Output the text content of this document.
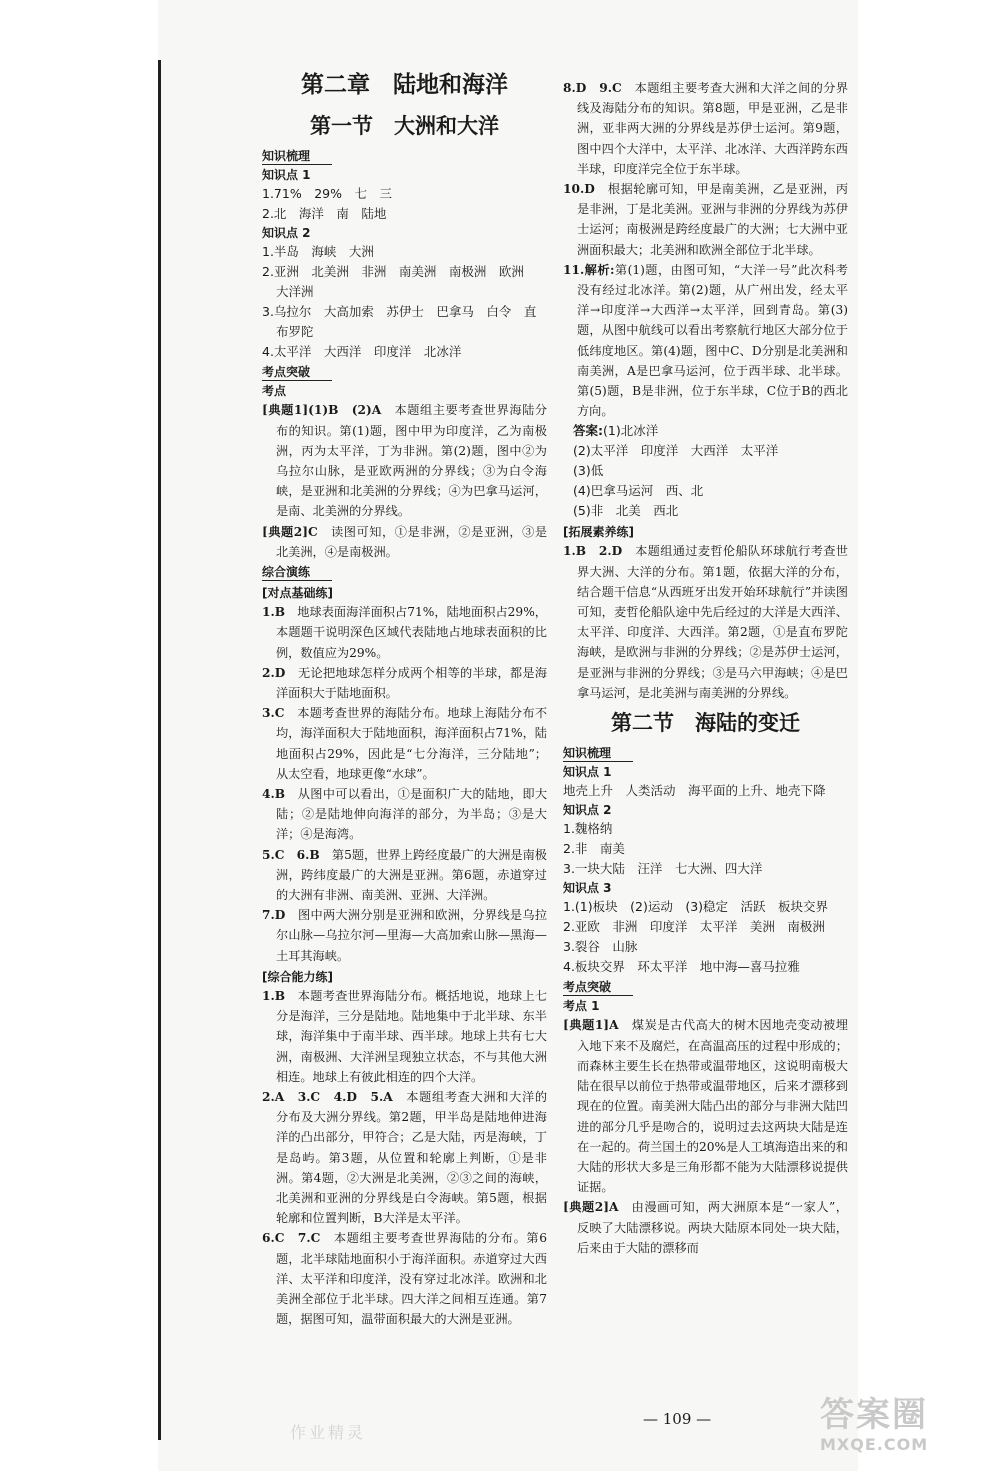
第二章　陆地和海洋
第一节　大洲和大洋
知识梳理
知识点 1
1.71%　29%　七　三
2.北　海洋　南　陆地
知识点 2
1.半岛　海峡　大洲
2.亚洲　北美洲　非洲　南美洲　南极洲　欧洲　大洋洲
3.乌拉尔　大高加索　苏伊士　巴拿马　白令　直布罗陀
4.太平洋　大西洋　印度洋　北冰洋
考点突破
考点
[典题1](1)B　(2)A　 本题组主要考查世界海陆分布的知识。第(1)题，图中甲为印度洋，乙为南极洲，丙为太平洋，丁为非洲。第(2)题，图中②为乌拉尔山脉，是亚欧两洲的分界线；③为白令海峡，是亚洲和北美洲的分界线；④为巴拿马运河，是南、北美洲的分界线。
[典题2]C　 读图可知，①是非洲，②是亚洲，③是北美洲，④是南极洲。
综合演练
[对点基础练]
1.B　 地球表面海洋面积占71%，陆地面积占29%，本题题干说明深色区域代表陆地占地球表面积的比例，数值应为29%。
2.D　 无论把地球怎样分成两个相等的半球，都是海洋面积大于陆地面积。
3.C　 本题考查世界的海陆分布。地球上海陆分布不均，海洋面积大于陆地面积，海洋面积占71%，陆地面积占29%，因此是“七分海洋，三分陆地”；从太空看，地球更像“水球”。
4.B　 从图中可以看出，①是面积广大的陆地，即大陆；②是陆地伸向海洋的部分，为半岛；③是大洋；④是海湾。
5.C　6.B　 第5题，世界上跨经度最广的大洲是南极洲，跨纬度最广的大洲是亚洲。第6题，赤道穿过的大洲有非洲、南美洲、亚洲、大洋洲。
7.D　 图中两大洲分别是亚洲和欧洲，分界线是乌拉尔山脉—乌拉尔河—里海—大高加索山脉—黑海—土耳其海峡。
[综合能力练]
1.B　 本题考查世界海陆分布。概括地说，地球上七分是海洋，三分是陆地。陆地集中于北半球、东半球，海洋集中于南半球、西半球。地球上共有七大洲，南极洲、大洋洲呈现独立状态，不与其他大洲相连。地球上有彼此相连的四个大洋。
2.A　3.C　4.D　5.A　 本题组考查大洲和大洋的分布及大洲分界线。第2题，甲半岛是陆地伸进海洋的凸出部分，甲符合；乙是大陆，丙是海峡，丁是岛屿。第3题，从位置和轮廓上判断，①是非洲。第4题，②大洲是北美洲，②③之间的海峡，北美洲和亚洲的分界线是白令海峡。第5题，根据轮廓和位置判断，B大洋是太平洋。
6.C　7.C　 本题组主要考查世界海陆的分布。第6题，北半球陆地面积小于海洋面积。赤道穿过大西洋、太平洋和印度洋，没有穿过北冰洋。欧洲和北美洲全部位于北半球。四大洋之间相互连通。第7题，据图可知，温带面积最大的大洲是亚洲。
8.D　9.C　 本题组主要考查大洲和大洋之间的分界线及海陆分布的知识。第8题，甲是亚洲，乙是非洲，亚非两大洲的分界线是苏伊士运河。第9题，图中四个大洋中，太平洋、北冰洋、大西洋跨东西半球，印度洋完全位于东半球。
10.D　 根据轮廓可知，甲是南美洲，乙是亚洲，丙是非洲，丁是北美洲。亚洲与非洲的分界线为苏伊士运河；南极洲是跨经度最广的大洲；七大洲中亚洲面积最大；北美洲和欧洲全部位于北半球。
11.解析:第(1)题，由图可知，“大洋一号”此次科考没有经过北冰洋。第(2)题，从广州出发，经太平洋→印度洋→大西洋→太平洋，回到青岛。第(3)题，从图中航线可以看出考察航行地区大部分位于低纬度地区。第(4)题，图中C、D分别是北美洲和南美洲，A是巴拿马运河，位于西半球、北半球。第(5)题，B是非洲，位于东半球，C位于B的西北方向。
答案:(1)北冰洋
(2)太平洋　印度洋　大西洋　太平洋
(3)低
(4)巴拿马运河　西、北
(5)非　北美　西北
[拓展素养练]
1.B　2.D　 本题组通过麦哲伦船队环球航行考查世界大洲、大洋的分布。第1题，依据大洋的分布，结合题干信息“从西班牙出发开始环球航行”并读图可知，麦哲伦船队途中先后经过的大洋是大西洋、太平洋、印度洋、大西洋。第2题，①是直布罗陀海峡，是欧洲与非洲的分界线；②是苏伊士运河，是亚洲与非洲的分界线；③是马六甲海峡；④是巴拿马运河，是北美洲与南美洲的分界线。
第二节　海陆的变迁
知识梳理
知识点 1
地壳上升　人类活动　海平面的上升、地壳下降
知识点 2
1.魏格纳
2.非　南美
3.一块大陆　汪洋　七大洲、四大洋
知识点 3
1.(1)板块　(2)运动　(3)稳定　活跃　板块交界
2.亚欧　非洲　印度洋　太平洋　美洲　南极洲
3.裂谷　山脉
4.板块交界　环太平洋　地中海—喜马拉雅
考点突破
考点 1
[典题1]A　 煤炭是古代高大的树木因地壳变动被埋入地下来不及腐烂，在高温高压的过程中形成的；而森林主要生长在热带或温带地区，这说明南极大陆在很早以前位于热带或温带地区，后来才漂移到现在的位置。南美洲大陆凸出的部分与非洲大陆凹进的部分几乎是吻合的，说明过去这两块大陆是连在一起的。荷兰国土的20%是人工填海造出来的和大陆的形状大多是三角形都不能为大陆漂移说提供证据。
[典题2]A　 由漫画可知，两大洲原本是“一家人”，反映了大陆漂移说。两块大陆原本同处一块大陆，后来由于大陆的漂移而
作业精灵
— 109 —	答案圈
MXQE.COM
